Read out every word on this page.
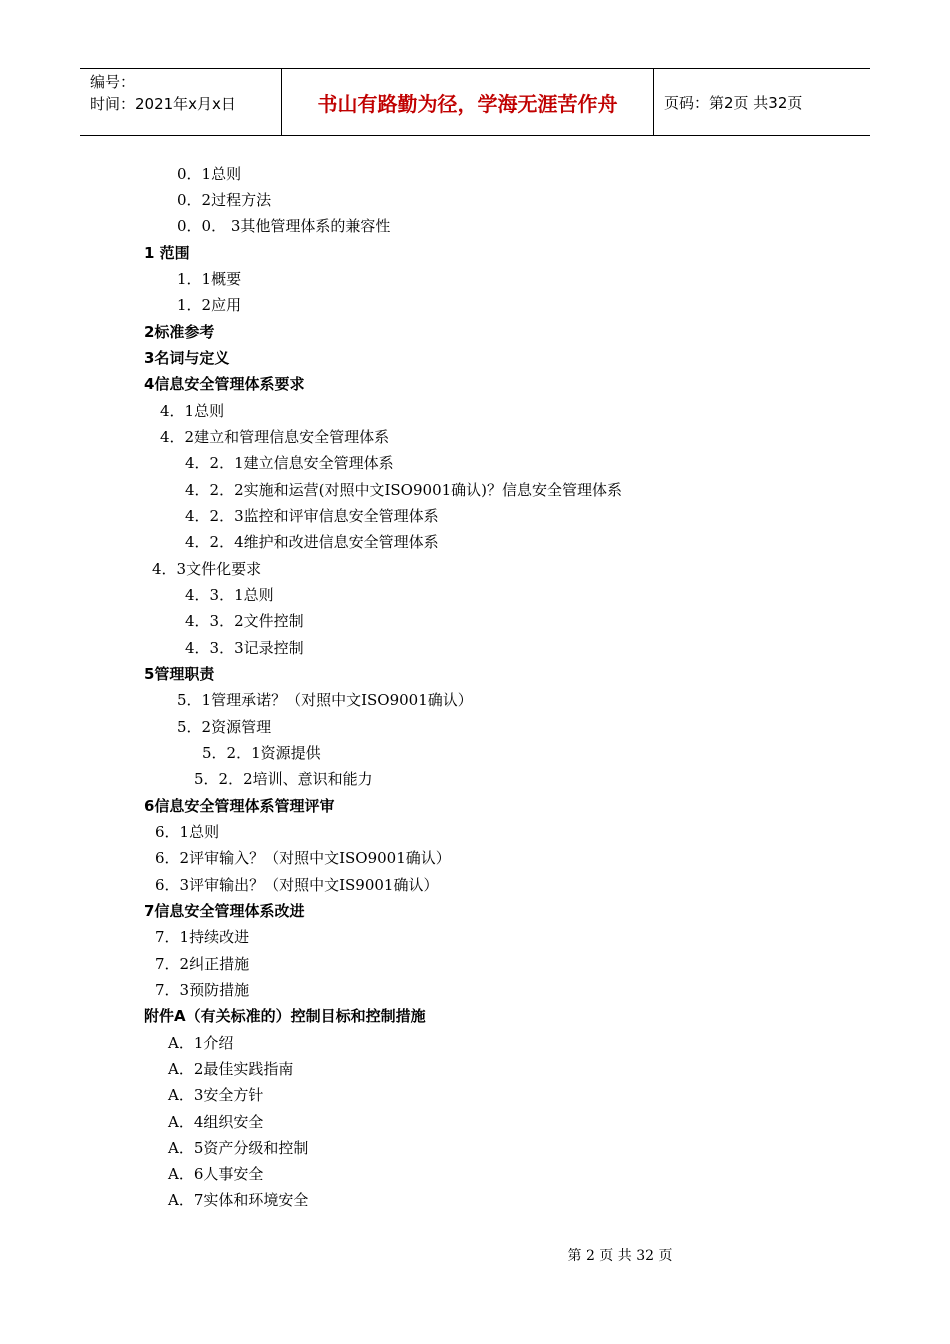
编号：
时间：2021年x月x日	书山有路勤为径，学海无涯苦作舟	页码：第2页 共32页
0．1总则
0．2过程方法
0．0． 3其他管理体系的兼容性
1 范围
1．1概要
1．2应用
2标准参考
3名词与定义
4信息安全管理体系要求
4．1总则
4．2建立和管理信息安全管理体系
4．2．1建立信息安全管理体系
4．2．2实施和运营(对照中文ISO9001确认)？信息安全管理体系
4．2．3监控和评审信息安全管理体系
4．2．4维护和改进信息安全管理体系
4．3文件化要求
4．3．1总则
4．3．2文件控制
4．3．3记录控制
5管理职责
5．1管理承诺？（对照中文ISO9001确认）
5．2资源管理
5．2．1资源提供
5．2．2培训、意识和能力
6信息安全管理体系管理评审
6．1总则
6．2评审输入？（对照中文ISO9001确认）
6．3评审输出？（对照中文IS9001确认）
7信息安全管理体系改进
7．1持续改进
7．2纠正措施
7．3预防措施
附件A（有关标准的）控制目标和控制措施
A．1介绍
A．2最佳实践指南
A．3安全方针
A．4组织安全
A．5资产分级和控制
A．6人事安全
A．7实体和环境安全
第 2 页 共 32 页
